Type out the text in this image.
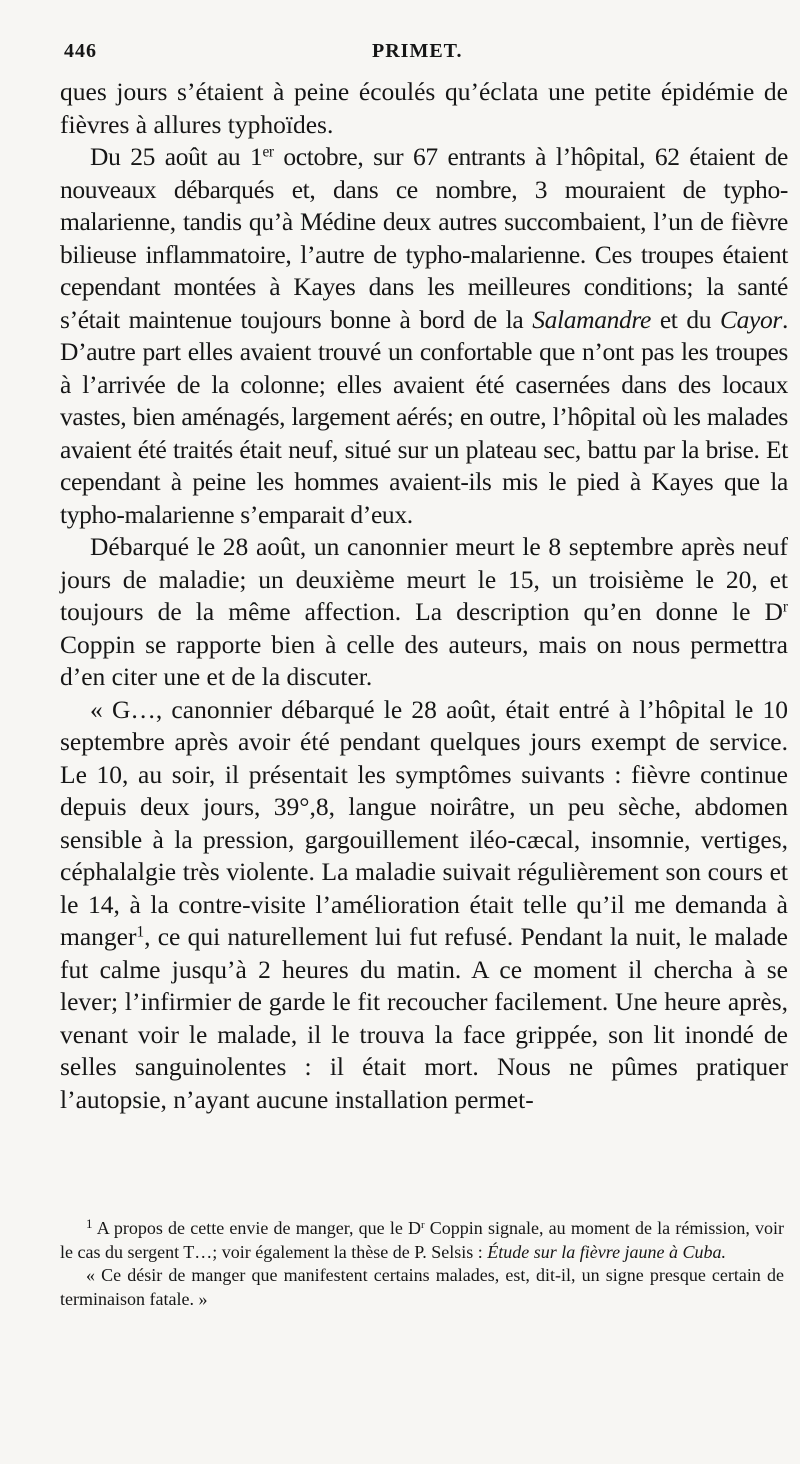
446	PRIMET.

ques jours s’étaient à peine écoulés qu’éclata une petite épidémie de fièvres à allures typhoïdes.

Du 25 août au 1er octobre, sur 67 entrants à l’hôpital, 62 étaient de nouveaux débarqués et, dans ce nombre, 3 mouraient de typho-malarienne, tandis qu’à Médine deux autres succombaient, l’un de fièvre bilieuse inflammatoire, l’autre de typho-malarienne. Ces troupes étaient cependant montées à Kayes dans les meilleures conditions; la santé s’était maintenue toujours bonne à bord de la Salamandre et du Cayor. D’autre part elles avaient trouvé un confortable que n’ont pas les troupes à l’arrivée de la colonne; elles avaient été casernées dans des locaux vastes, bien aménagés, largement aérés; en outre, l’hôpital où les malades avaient été traités était neuf, situé sur un plateau sec, battu par la brise. Et cependant à peine les hommes avaient-ils mis le pied à Kayes que la typho-malarienne s’emparait d’eux.

Débarqué le 28 août, un canonnier meurt le 8 septembre après neuf jours de maladie; un deuxième meurt le 15, un troisième le 20, et toujours de la même affection. La description qu’en donne le $D^r$ Coppin se rapporte bien à celle des auteurs, mais on nous permettra d’en citer une et de la discuter.

« G…, canonnier débarqué le 28 août, était entré à l’hôpital le 10 septembre après avoir été pendant quelques jours exempt de service. Le 10, au soir, il présentait les symptômes suivants : fièvre continue depuis deux jours, 39°,8, langue noirâtre, un peu sèche, abdomen sensible à la pression, gargouillement iléo-cæcal, insomnie, vertiges, céphalalgie très violente. La maladie suivait régulièrement son cours et le 14, à la contre-visite l’amélioration était telle qu’il me demanda à manger$^1$, ce qui naturellement lui fut refusé. Pendant la nuit, le malade fut calme jusqu’à 2 heures du matin. A ce moment il chercha à se lever; l’infirmier de garde le fit recoucher facilement. Une heure après, venant voir le malade, il le trouva la face grippée, son lit inondé de selles sanguinolentes : il était mort. Nous ne pûmes pratiquer l’autopsie, n’ayant aucune installation permet-

$^1$ A propos de cette envie de manger, que le $D^r$ Coppin signale, au moment de la rémission, voir le cas du sergent T…; voir également la thèse de P. Selsis : Étude sur la fièvre jaune à Cuba.

« Ce désir de manger que manifestent certains malades, est, dit-il, un signe presque certain de terminaison fatale. »
